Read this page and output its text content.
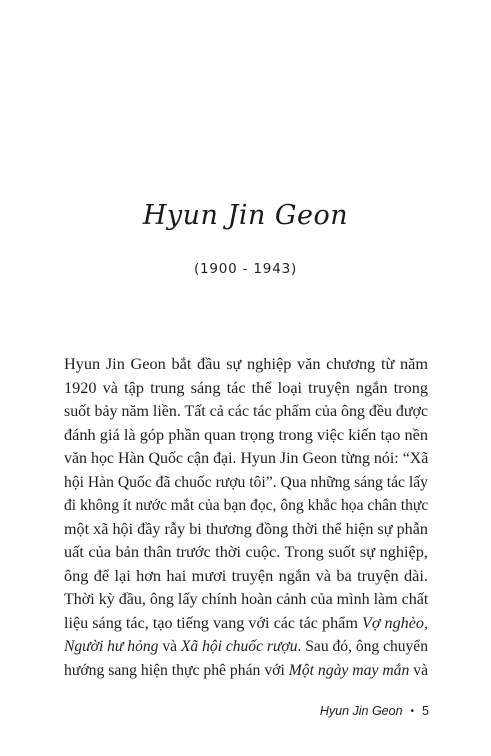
Hyun Jin Geon
(1900 - 1943)
Hyun Jin Geon bắt đầu sự nghiệp văn chương từ năm
1920 và tập trung sáng tác thể loại truyện ngắn trong
suốt bảy năm liền. Tất cả các tác phẩm của ông đều được
đánh giá là góp phần quan trọng trong việc kiến tạo nền
văn học Hàn Quốc cận đại. Hyun Jin Geon từng nói: “Xã
hội Hàn Quốc đã chuốc rượu tôi”. Qua những sáng tác lấy
đi không ít nước mắt của bạn đọc, ông khắc họa chân thực
một xã hội đầy rẫy bi thương đồng thời thể hiện sự phẫn
uất của bản thân trước thời cuộc. Trong suốt sự nghiệp,
ông để lại hơn hai mươi truyện ngắn và ba truyện dài.
Thời kỳ đầu, ông lấy chính hoàn cảnh của mình làm chất
liệu sáng tác, tạo tiếng vang với các tác phẩm Vợ nghèo,
Người hư hỏng và Xã hội chuốc rượu. Sau đó, ông chuyển
hướng sang hiện thực phê phán với Một ngày may mắn và
Hyun Jin Geon • 5
